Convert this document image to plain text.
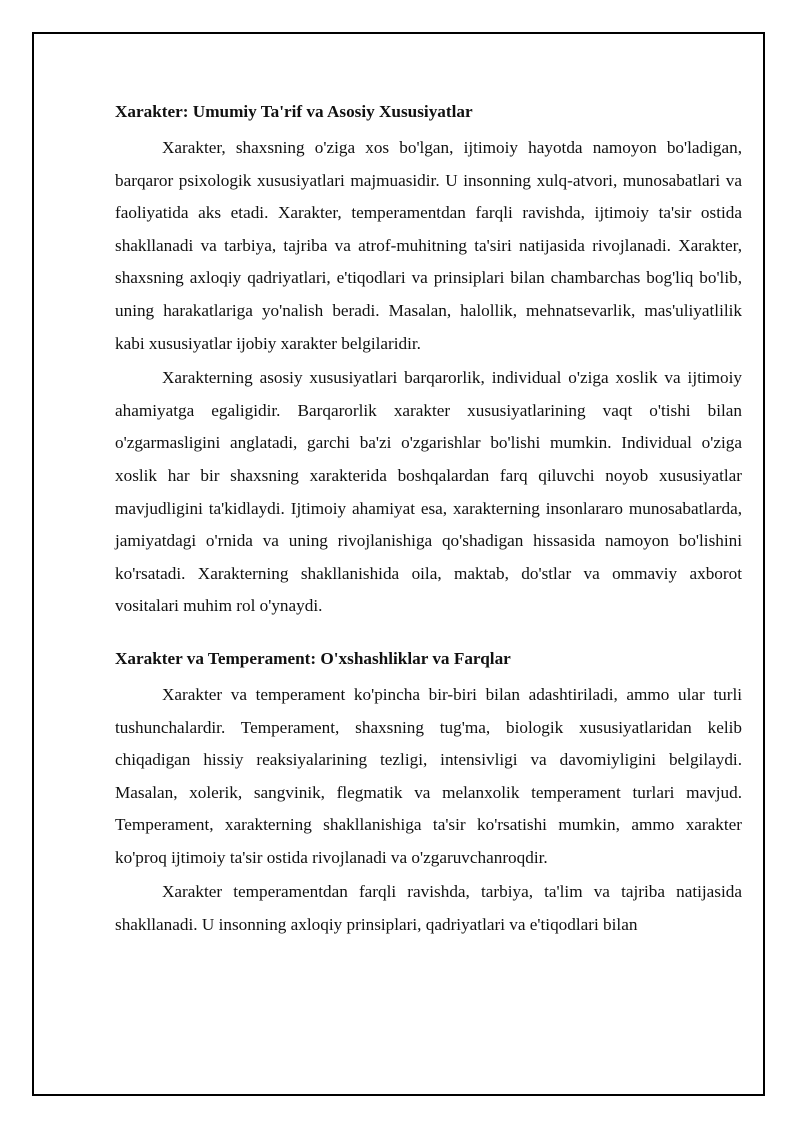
Xarakter: Umumiy Ta'rif va Asosiy Xususiyatlar

Xarakter, shaxsning o'ziga xos bo'lgan, ijtimoiy hayotda namoyon bo'ladigan, barqaror psixologik xususiyatlari majmuasidir. U insonning xulq-atvori, munosabatlari va faoliyatida aks etadi. Xarakter, temperamentdan farqli ravishda, ijtimoiy ta'sir ostida shakllanadi va tarbiya, tajriba va atrof-muhitning ta'siri natijasida rivojlanadi. Xarakter, shaxsning axloqiy qadriyatlari, e'tiqodlari va prinsiplari bilan chambarchas bog'liq bo'lib, uning harakatlariga yo'nalish beradi. Masalan, halollik, mehnatsevarlik, mas'uliyatlilik kabi xususiyatlar ijobiy xarakter belgilaridir.

Xarakterning asosiy xususiyatlari barqarorlik, individual o'ziga xoslik va ijtimoiy ahamiyatga egaligidir. Barqarorlik xarakter xususiyatlarining vaqt o'tishi bilan o'zgarmasligini anglatadi, garchi ba'zi o'zgarishlar bo'lishi mumkin. Individual o'ziga xoslik har bir shaxsning xarakterida boshqalardan farq qiluvchi noyob xususiyatlar mavjudligini ta'kidlaydi. Ijtimoiy ahamiyat esa, xarakterning insonlararo munosabatlarda, jamiyatdagi o'rnida va uning rivojlanishiga qo'shadigan hissasida namoyon bo'lishini ko'rsatadi. Xarakterning shakllanishida oila, maktab, do'stlar va ommaviy axborot vositalari muhim rol o'ynaydi.

Xarakter va Temperament: O'xshashliklar va Farqlar

Xarakter va temperament ko'pincha bir-biri bilan adashtiriladi, ammo ular turli tushunchalardir. Temperament, shaxsning tug'ma, biologik xususiyatlaridan kelib chiqadigan hissiy reaksiyalarining tezligi, intensivligi va davomiyligini belgilaydi. Masalan, xolerik, sangvinik, flegmatik va melanxolik temperament turlari mavjud. Temperament, xarakterning shakllanishiga ta'sir ko'rsatishi mumkin, ammo xarakter ko'proq ijtimoiy ta'sir ostida rivojlanadi va o'zgaruvchanroqdir.

Xarakter temperamentdan farqli ravishda, tarbiya, ta'lim va tajriba natijasida shakllanadi. U insonning axloqiy prinsiplari, qadriyatlari va e'tiqodlari bilan
